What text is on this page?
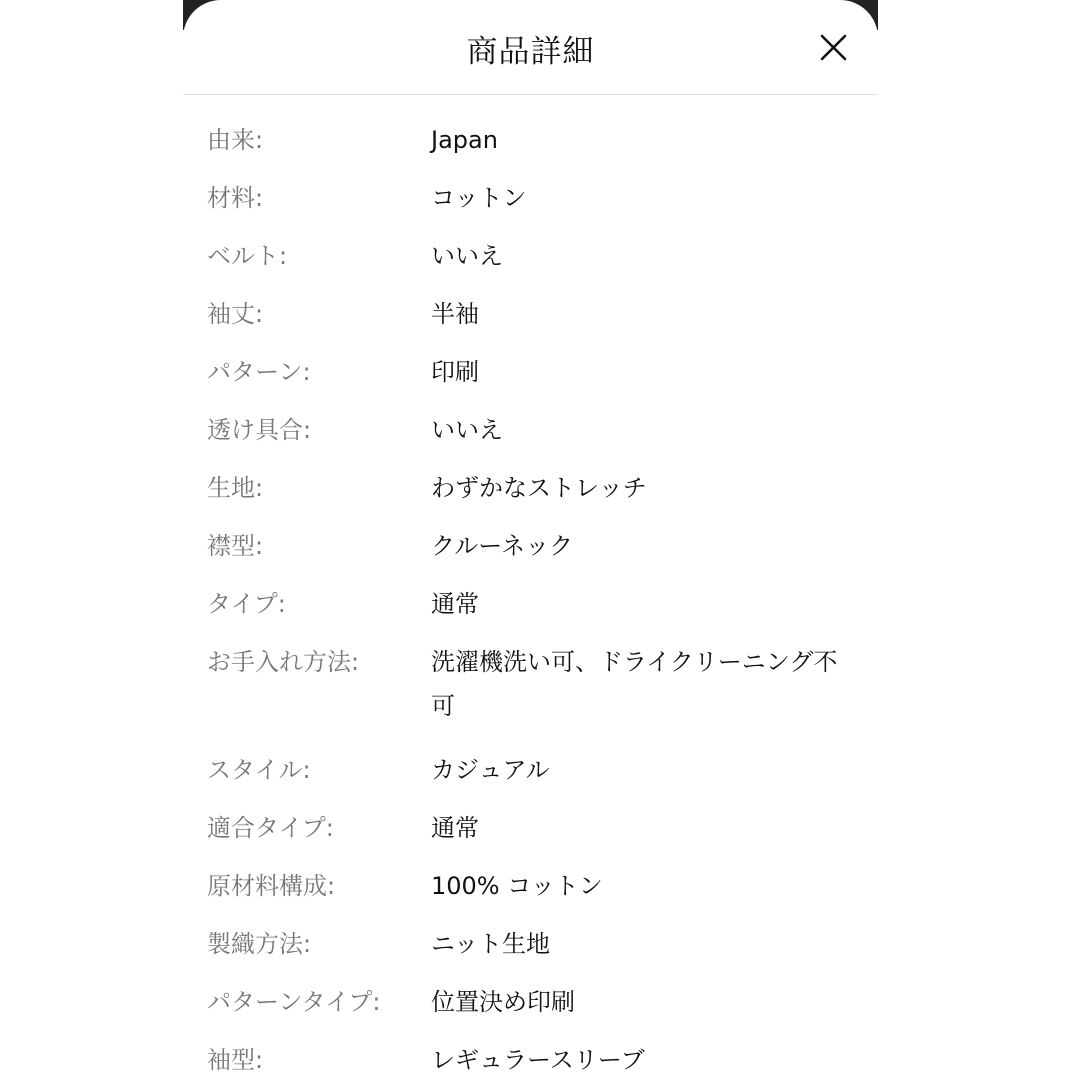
商品詳細
由来:	Japan
材料:	コットン
ベルト:	いいえ
袖丈:	半袖
パターン:	印刷
透け具合:	いいえ
生地:	わずかなストレッチ
襟型:	クルーネック
タイプ:	通常
お手入れ方法:	洗濯機洗い可、ドライクリーニング不可
スタイル:	カジュアル
適合タイプ:	通常
原材料構成:	100% コットン
製織方法:	ニット生地
パターンタイプ:	位置決め印刷
袖型:	レギュラースリーブ
